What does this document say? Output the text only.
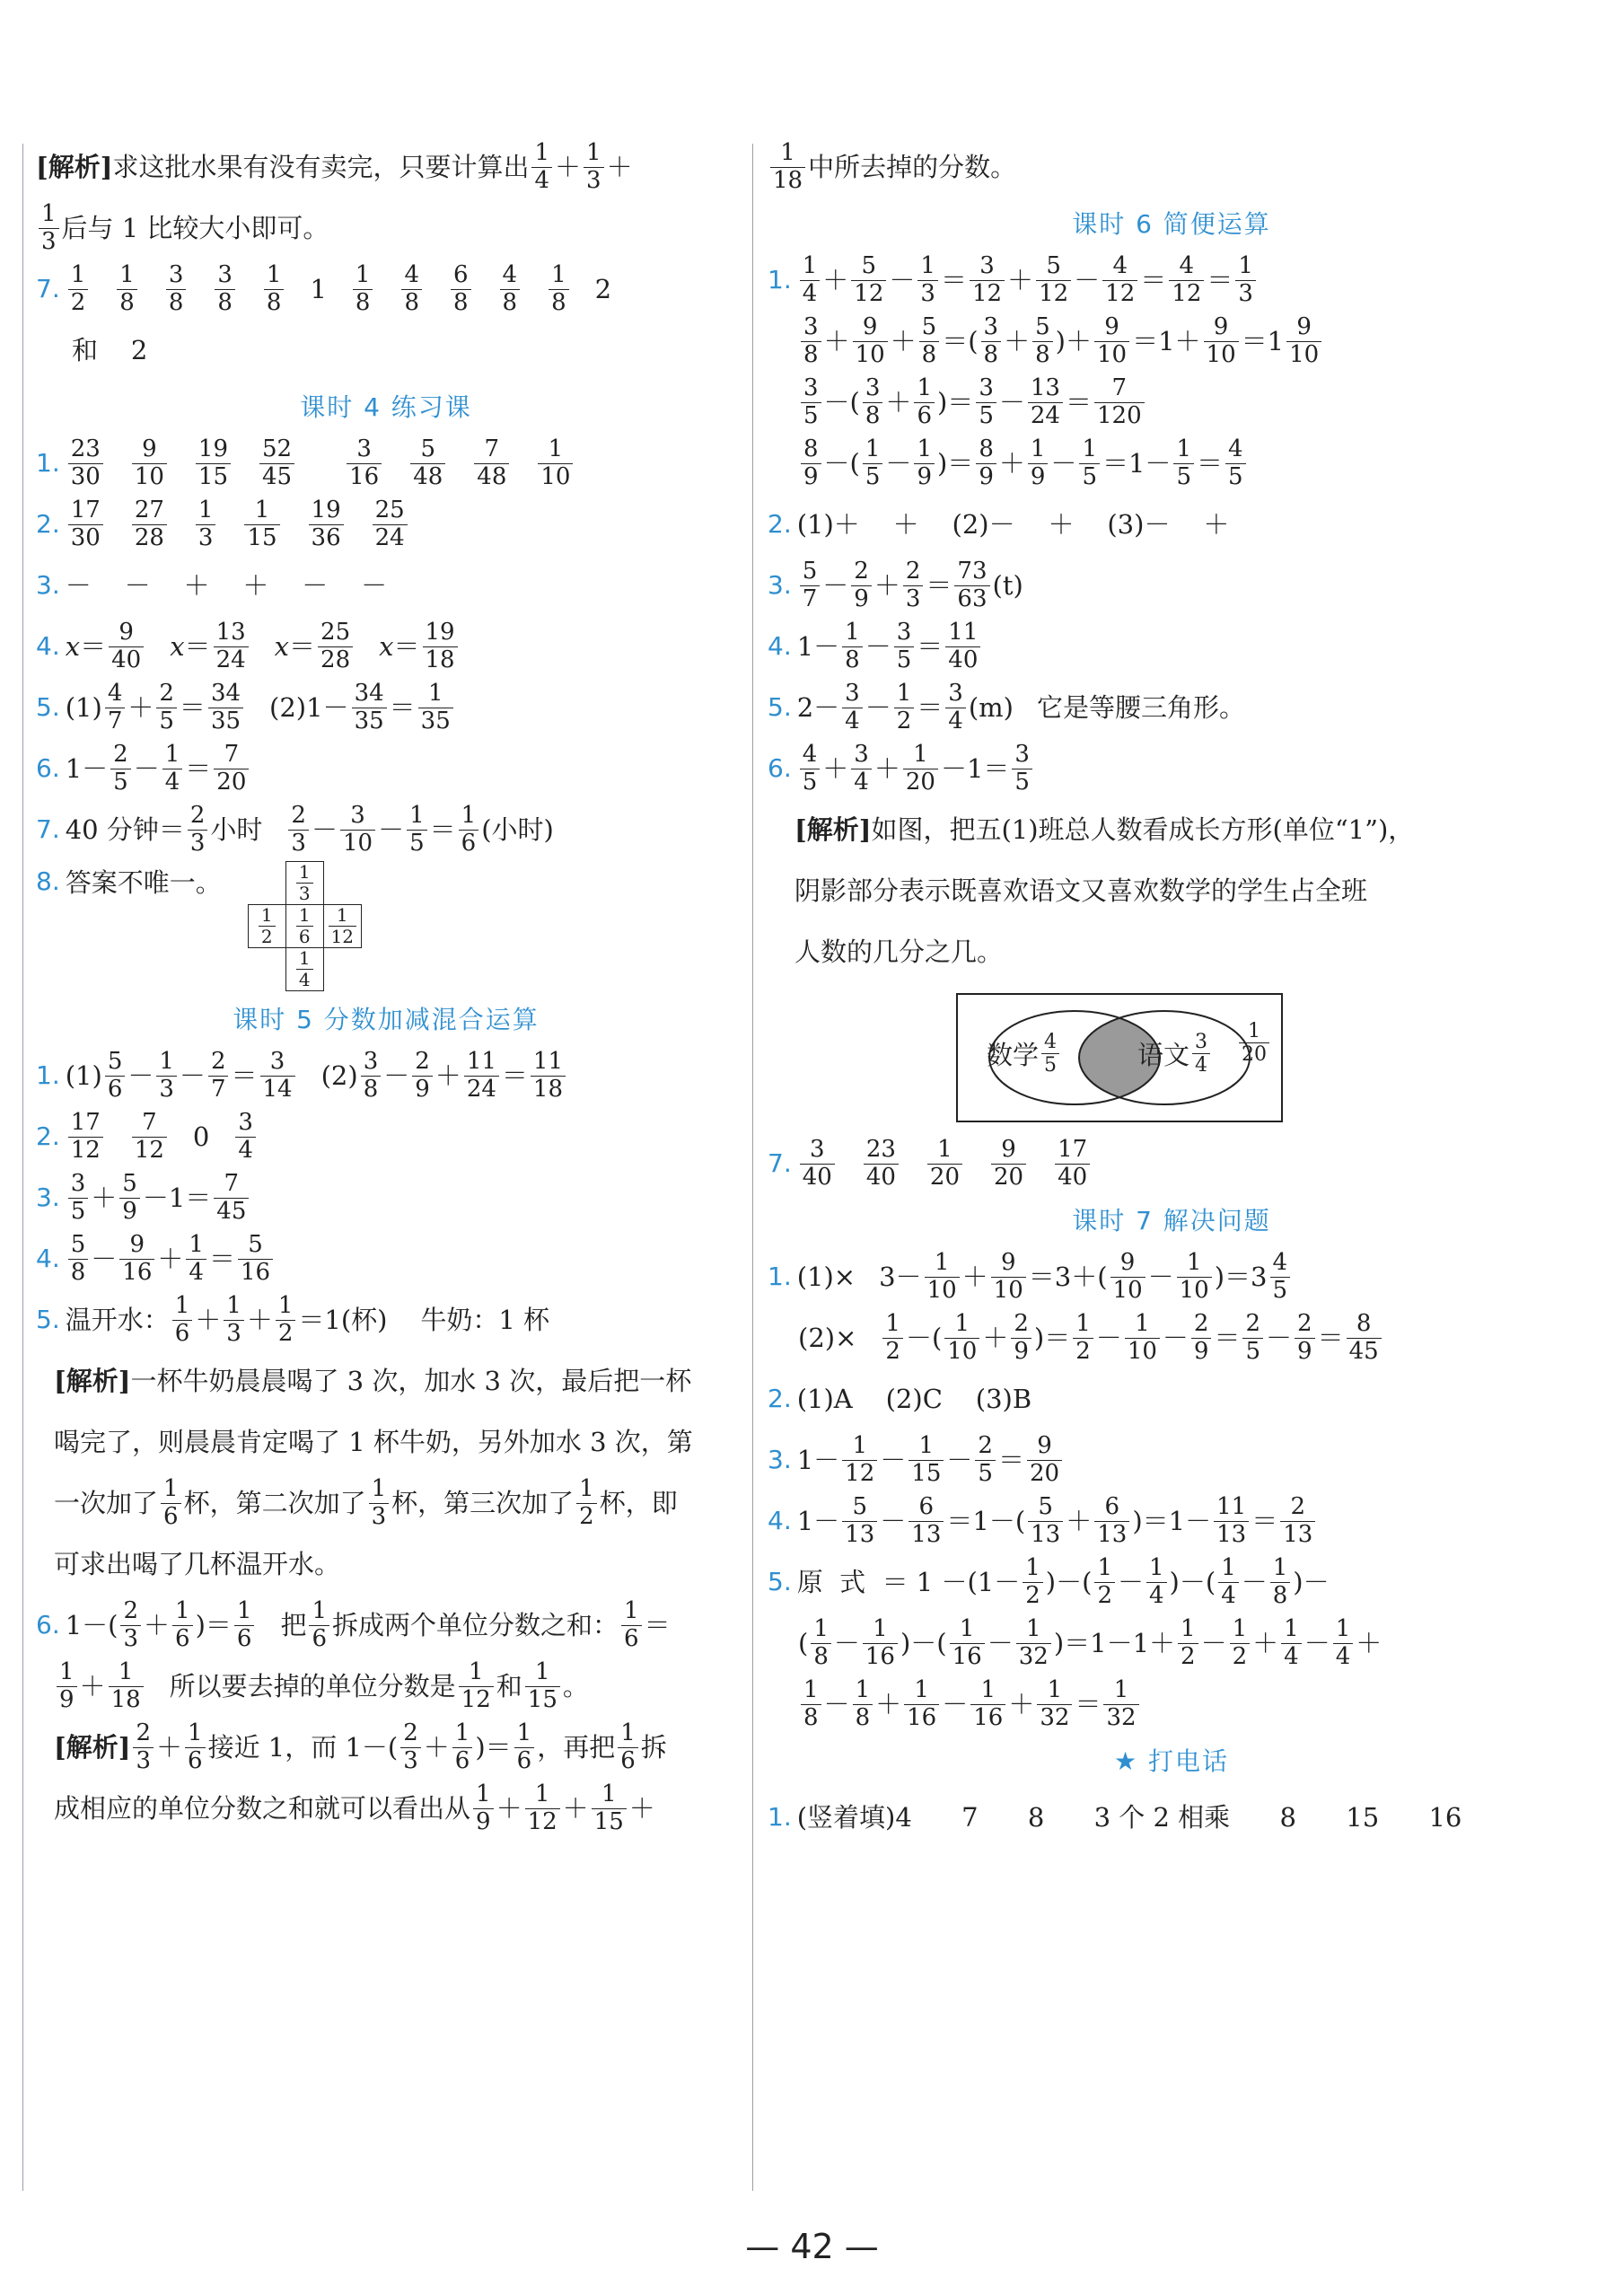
[解析] 求这批水果有没有卖完，只要计算出 $\frac{1}{4} + \frac{1}{3}$ ＋
$\frac{1}{3}$ 后与 1 比较大小即可。
7. $\frac{1}{2} \frac{1}{8} \frac{3}{8} \frac{3}{8} \frac{1}{8} 1 \frac{1}{8} \frac{4}{8} \frac{6}{8} \frac{4}{8} \frac{1}{8} 2$
和    2
课时 4 练习课
1. $\frac{23}{30} \frac{9}{10} \frac{19}{15} \frac{52}{45} \frac{3}{16} \frac{5}{48} \frac{7}{48} \frac{1}{10}$
2. $\frac{17}{30} \frac{27}{28} \frac{1}{3} \frac{1}{15} \frac{19}{36} \frac{25}{24}$
3. －    －    ＋    ＋    －    －
4. $x = \frac{9}{40}$ $x = \frac{13}{24}$ $x = \frac{25}{28}$ $x = \frac{19}{18}$
5. $(1) \frac{4}{7} + \frac{2}{5} = \frac{34}{35} (2)1- \frac{34}{35} = \frac{1}{35}$
6. $1- \frac{2}{5} - \frac{1}{4} = \frac{7}{20}$
7. 40 分钟＝ $\frac{2}{3}$ 小时 $\frac{2}{3} - \frac{3}{10} - \frac{1}{5} = \frac{1}{6}$ (小时)
8. 答案不唯一。	$\frac{1}{3}$
$\frac{1}{2} \frac{1}{6} \frac{1}{12}$
$\frac{1}{4}$
课时 5 分数加减混合运算
1. $(1) \frac{5}{6} - \frac{1}{3} - \frac{2}{7} = \frac{3}{14} (2) \frac{3}{8} - \frac{2}{9} + \frac{11}{24} = \frac{11}{18}$
2. $\frac{17}{12} \frac{7}{12} 0 \frac{3}{4}$
3. $\frac{3}{5} + \frac{5}{9} -1= \frac{7}{45}$
4. $\frac{5}{8} - \frac{9}{16} + \frac{1}{4} = \frac{5}{16}$
5. 温开水： $\frac{1}{6} + \frac{1}{3} + \frac{1}{2} =1$(杯)    牛奶：1 杯
[解析] 一杯牛奶晨晨喝了 3 次，加水 3 次，最后把一杯
喝完了，则晨晨肯定喝了 1 杯牛奶，另外加水 3 次，第
一次加了 $\frac{1}{6}$ 杯，第二次加了 $\frac{1}{3}$ 杯，第三次加了 $\frac{1}{2}$ 杯，即
可求出喝了几杯温开水。
6. $1-( \frac{2}{3} + \frac{1}{6}$ )＝ $\frac{1}{6}$ 把 $\frac{1}{6}$ 拆成两个单位分数之和： $\frac{1}{6}$ ＝
$\frac{1}{9} + \frac{1}{18}$ 所以要去掉的单位分数是 $\frac{1}{12}$ 和 $\frac{1}{15}$ 。
[解析] $\frac{2}{3} + \frac{1}{6}$ 接近 1，而 1－ ( $\frac{2}{3} + \frac{1}{6}$ )＝ $\frac{1}{6}$ ， 再把 $\frac{1}{6}$ 拆
成相应的单位分数之和就可以看出从 $\frac{1}{9} + \frac{1}{12} + \frac{1}{15}$ ＋
$\frac{1}{18}$ 中所去掉的分数。
课时 6 简便运算
1. $\frac{1}{4} + \frac{5}{12} - \frac{1}{3} = \frac{3}{12} + \frac{5}{12} - \frac{4}{12} = \frac{4}{12} = \frac{1}{3}$
$\frac{3}{8} + \frac{9}{10} + \frac{5}{8}$ ＝( $\frac{3}{8} + \frac{5}{8}$ )＋ $\frac{9}{10} =1+ \frac{9}{10} =1 \frac{9}{10}$
$\frac{3}{5}$ －( $\frac{3}{8} + \frac{1}{6}$ )＝ $\frac{3}{5} - \frac{13}{24} = \frac{7}{120}$
$\frac{8}{9}$ －( $\frac{1}{5} - \frac{1}{9}$ )＝ $\frac{8}{9} + \frac{1}{9} - \frac{1}{5} =1- \frac{1}{5} = \frac{4}{5}$
2. (1)＋    ＋    (2)－    ＋    (3)－    ＋
3. $\frac{5}{7} - \frac{2}{9} + \frac{2}{3} = \frac{73}{63} (t)$
4. $1- \frac{1}{8} - \frac{3}{5} = \frac{11}{40}$
5. $2- \frac{3}{4} - \frac{1}{2} = \frac{3}{4} (m)$ 它是等腰三角形。
6. $\frac{4}{5} + \frac{3}{4} + \frac{1}{20} -1= \frac{3}{5}$
[解析] 如图，把五(1)班总人数看成长方形(单位“1”)，
阴影部分表示既喜欢语文又喜欢数学的学生占全班
人数的几分之几。
数学 $\frac{4}{5}$	语文 $\frac{3}{4} \frac{1}{20}$
7. $\frac{3}{40} \frac{23}{40} \frac{1}{20} \frac{9}{20} \frac{17}{40}$
课时 7 解决问题
1. $(1)\times 3- \frac{1}{10} + \frac{9}{10} =3+( \frac{9}{10} - \frac{1}{10} )=3 \frac{4}{5}$
$(2)\times \frac{1}{2}$ －( $\frac{1}{10} + \frac{2}{9}$ )＝ $\frac{1}{2} - \frac{1}{10} - \frac{2}{9} = \frac{2}{5} - \frac{2}{9} = \frac{8}{45}$
2. (1)A    (2)C    (3)B
3. $1- \frac{1}{12} - \frac{1}{15} - \frac{2}{5} = \frac{9}{20}$
4. $1- \frac{5}{13} - \frac{6}{13} =1-( \frac{5}{13} + \frac{6}{13} )=1- \frac{11}{13} = \frac{2}{13}$
5. 原  式  ＝ $1 - (1- \frac{1}{2}$ )－( $\frac{1}{2} - \frac{1}{4}$ )－( $\frac{1}{4} - \frac{1}{8}$ )－
( $\frac{1}{8} - \frac{1}{16}$ )－( $\frac{1}{16} - \frac{1}{32} )=1-1+ \frac{1}{2} - \frac{1}{2} + \frac{1}{4} - \frac{1}{4}$ ＋
$\frac{1}{8} - \frac{1}{8} + \frac{1}{16} - \frac{1}{16} + \frac{1}{32} = \frac{1}{32}$
★ 打电话
1. (竖着填)4      7      8      3 个 2 相乘      8      15      16
— 42 —
